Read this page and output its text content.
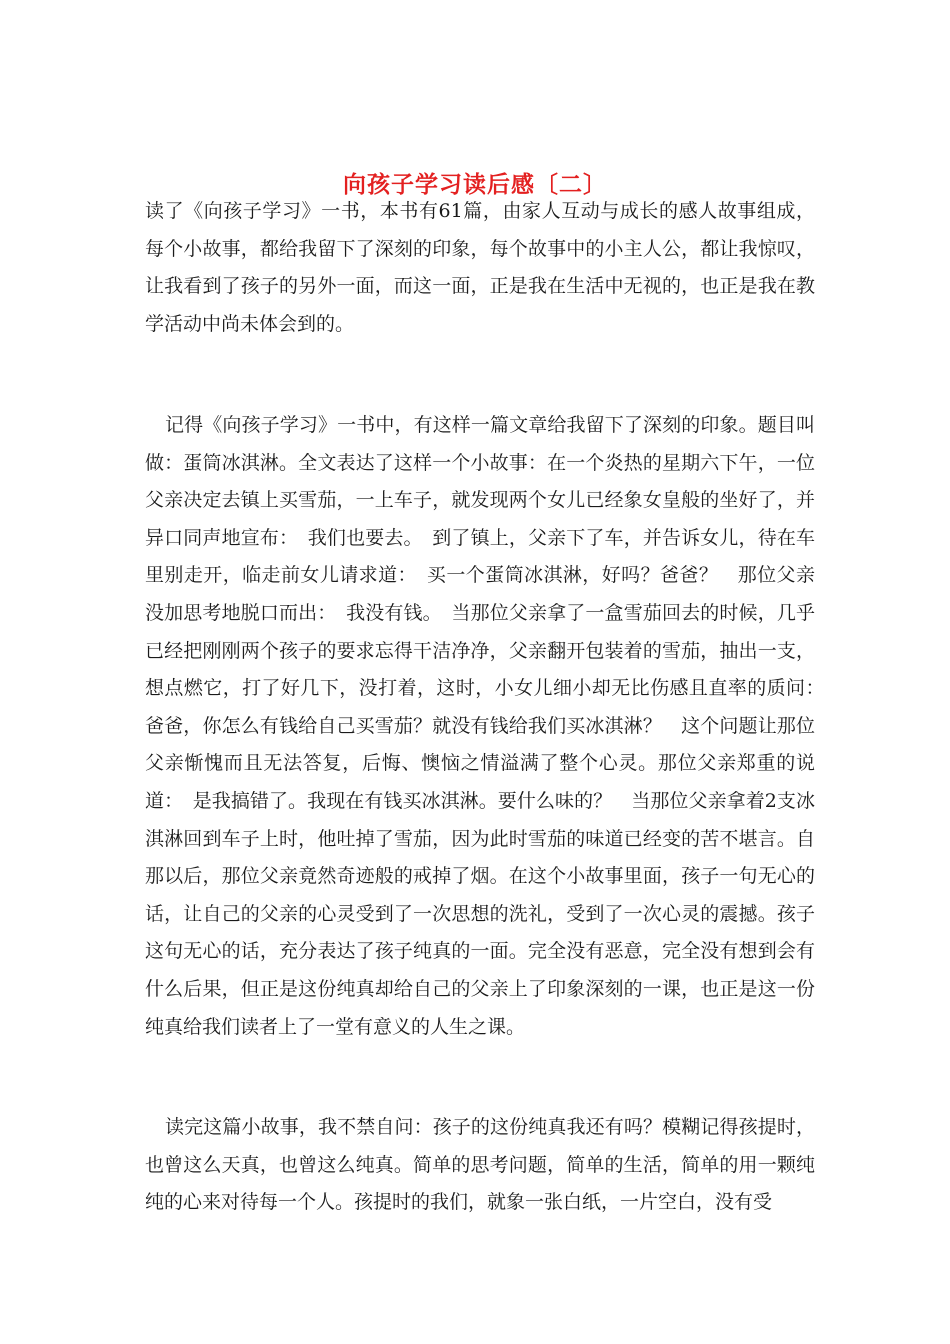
向孩子学习读后感〔二〕

读了《向孩子学习》一书，本书有61篇，由家人互动与成长的感人故事组成，每个小故事，都给我留下了深刻的印象，每个故事中的小主人公，都让我惊叹，让我看到了孩子的另外一面，而这一面，正是我在生活中无视的，也正是我在教学活动中尚未体会到的。

记得《向孩子学习》一书中，有这样一篇文章给我留下了深刻的印象。题目叫做：蛋筒冰淇淋。全文表达了这样一个小故事：在一个炎热的星期六下午，一位父亲决定去镇上买雪茄，一上车子，就发现两个女儿已经象女皇般的坐好了，并异口同声地宣布：　我们也要去。　到了镇上，父亲下了车，并告诉女儿，待在车里别走开，临走前女儿请求道：　买一个蛋筒冰淇淋，好吗？爸爸？　那位父亲没加思考地脱口而出：　我没有钱。　当那位父亲拿了一盒雪茄回去的时候，几乎已经把刚刚两个孩子的要求忘得干洁净净，父亲翻开包装着的雪茄，抽出一支，想点燃它，打了好几下，没打着，这时，小女儿细小却无比伤感且直率的质问：　爸爸，你怎么有钱给自己买雪茄？就没有钱给我们买冰淇淋？　这个问题让那位父亲惭愧而且无法答复，后悔、懊恼之情溢满了整个心灵。那位父亲郑重的说道：　是我搞错了。我现在有钱买冰淇淋。要什么味的？　当那位父亲拿着2支冰淇淋回到车子上时，他吐掉了雪茄，因为此时雪茄的味道已经变的苦不堪言。自那以后，那位父亲竟然奇迹般的戒掉了烟。在这个小故事里面，孩子一句无心的话，让自己的父亲的心灵受到了一次思想的洗礼，受到了一次心灵的震撼。孩子这句无心的话，充分表达了孩子纯真的一面。完全没有恶意，完全没有想到会有什么后果，但正是这份纯真却给自己的父亲上了印象深刻的一课，也正是这一份纯真给我们读者上了一堂有意义的人生之课。

读完这篇小故事，我不禁自问：孩子的这份纯真我还有吗？模糊记得孩提时，也曾这么天真，也曾这么纯真。简单的思考问题，简单的生活，简单的用一颗纯纯的心来对待每一个人。孩提时的我们，就象一张白纸，一片空白，没有受
